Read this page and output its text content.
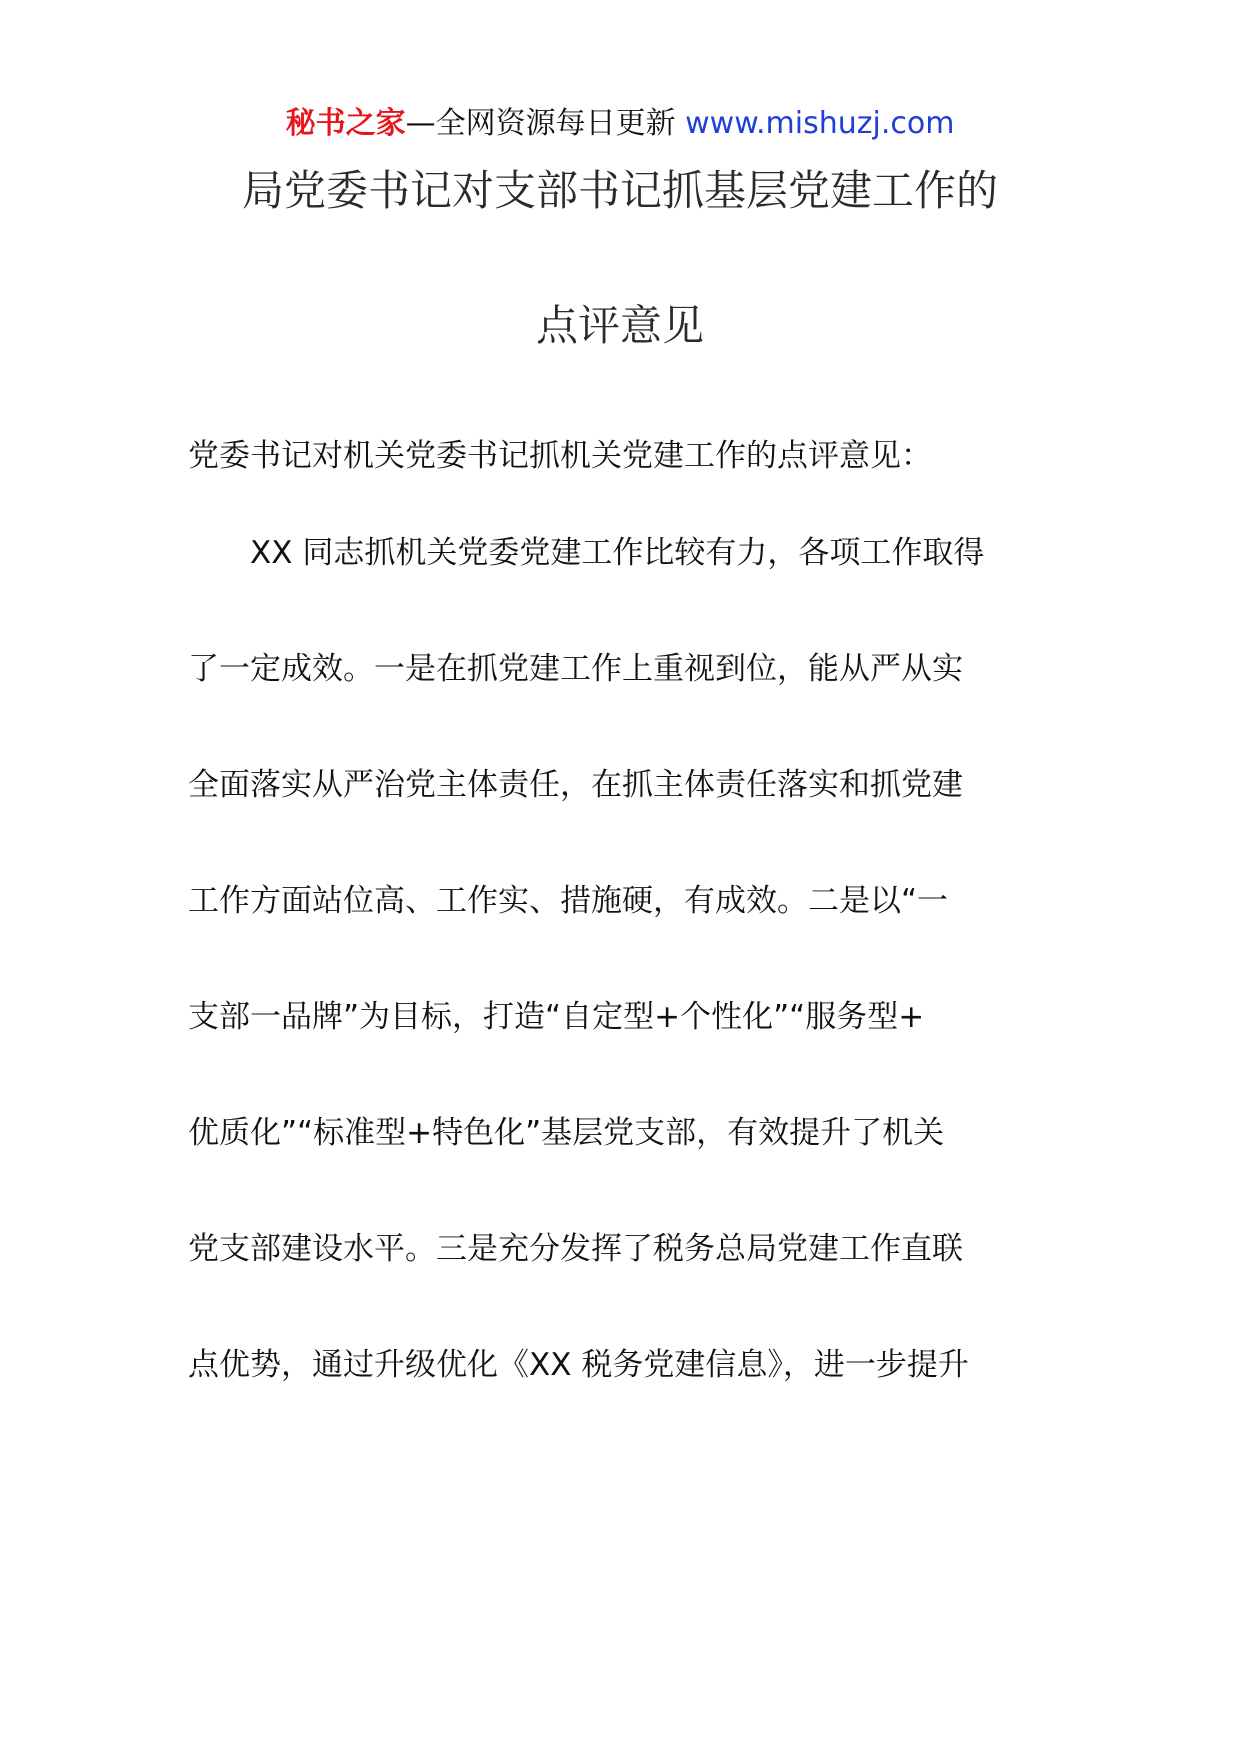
秘书之家—全网资源每日更新 www.mishuzj.com
局党委书记对支部书记抓基层党建工作的
点评意见
党委书记对机关党委书记抓机关党建工作的点评意见：
　　XX 同志抓机关党委党建工作比较有力，各项工作取得
了一定成效。一是在抓党建工作上重视到位，能从严从实
全面落实从严治党主体责任，在抓主体责任落实和抓党建
工作方面站位高、工作实、措施硬，有成效。二是以“一
支部一品牌”为目标，打造“自定型+个性化”“服务型+
优质化”“标准型+特色化”基层党支部，有效提升了机关
党支部建设水平。三是充分发挥了税务总局党建工作直联
点优势，通过升级优化《XX 税务党建信息》，进一步提升
